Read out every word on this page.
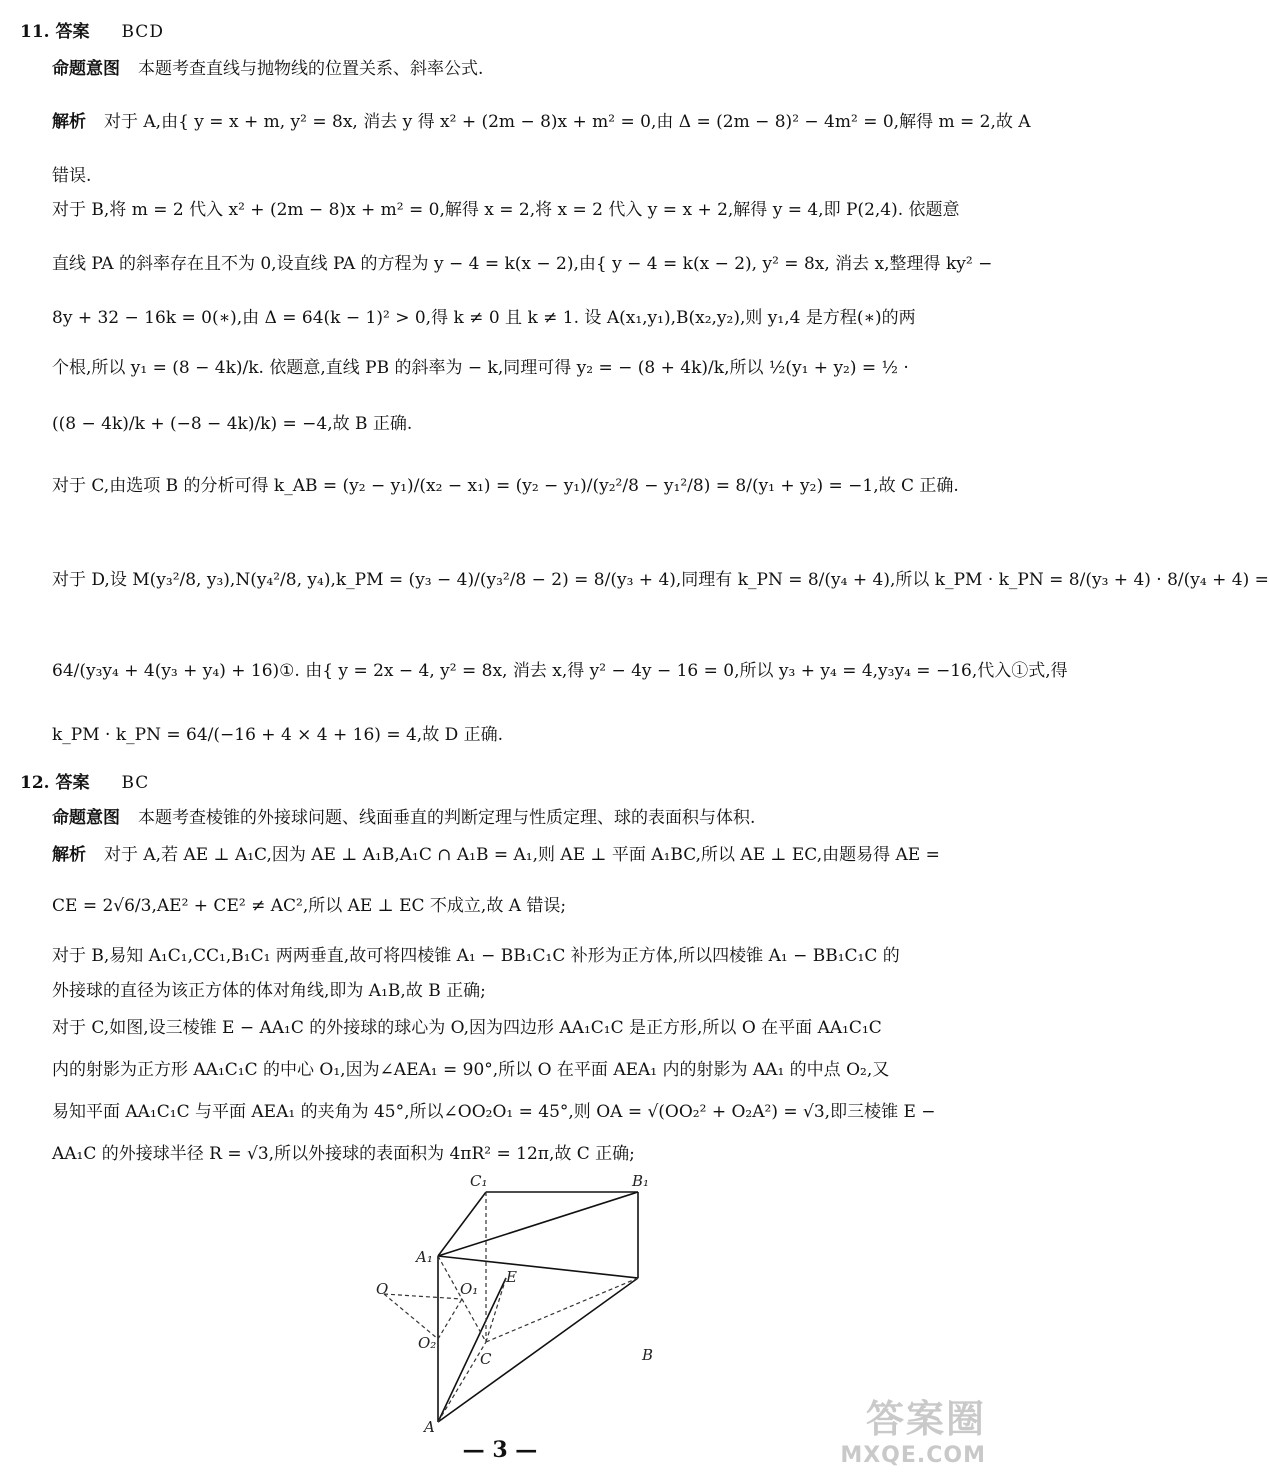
11. 答案 BCD
命题意图 本题考查直线与抛物线的位置关系、斜率公式.
解析 对于 A,由{ y = x + m, y² = 8x, 消去 y 得 x² + (2m − 8)x + m² = 0,由 Δ = (2m − 8)² − 4m² = 0,解得 m = 2,故 A
错误.
对于 B,将 m = 2 代入 x² + (2m − 8)x + m² = 0,解得 x = 2,将 x = 2 代入 y = x + 2,解得 y = 4,即 P(2,4). 依题意
直线 PA 的斜率存在且不为 0,设直线 PA 的方程为 y − 4 = k(x − 2),由{ y − 4 = k(x − 2), y² = 8x, 消去 x,整理得 ky² −
8y + 32 − 16k = 0(∗),由 Δ = 64(k − 1)² > 0,得 k ≠ 0 且 k ≠ 1. 设 A(x₁,y₁),B(x₂,y₂),则 y₁,4 是方程(∗)的两
个根,所以 y₁ = (8 − 4k)/k. 依题意,直线 PB 的斜率为 − k,同理可得 y₂ = − (8 + 4k)/k,所以 ½(y₁ + y₂) = ½ ·
((8 − 4k)/k + (−8 − 4k)/k) = −4,故 B 正确.
对于 C,由选项 B 的分析可得 k_AB = (y₂ − y₁)/(x₂ − x₁) = (y₂ − y₁)/(y₂²/8 − y₁²/8) = 8/(y₁ + y₂) = −1,故 C 正确.
对于 D,设 M(y₃²/8, y₃),N(y₄²/8, y₄),k_PM = (y₃ − 4)/(y₃²/8 − 2) = 8/(y₃ + 4),同理有 k_PN = 8/(y₄ + 4),所以 k_PM · k_PN = 8/(y₃ + 4) · 8/(y₄ + 4) =
64/(y₃y₄ + 4(y₃ + y₄) + 16)①. 由{ y = 2x − 4, y² = 8x, 消去 x,得 y² − 4y − 16 = 0,所以 y₃ + y₄ = 4,y₃y₄ = −16,代入①式,得
k_PM · k_PN = 64/(−16 + 4 × 4 + 16) = 4,故 D 正确.
12. 答案 BC
命题意图 本题考查棱锥的外接球问题、线面垂直的判断定理与性质定理、球的表面积与体积.
解析 对于 A,若 AE ⊥ A₁C,因为 AE ⊥ A₁B,A₁C ∩ A₁B = A₁,则 AE ⊥ 平面 A₁BC,所以 AE ⊥ EC,由题易得 AE =
CE = 2√6/3,AE² + CE² ≠ AC²,所以 AE ⊥ EC 不成立,故 A 错误;
对于 B,易知 A₁C₁,CC₁,B₁C₁ 两两垂直,故可将四棱锥 A₁ − BB₁C₁C 补形为正方体,所以四棱锥 A₁ − BB₁C₁C 的
外接球的直径为该正方体的体对角线,即为 A₁B,故 B 正确;
对于 C,如图,设三棱锥 E − AA₁C 的外接球的球心为 O,因为四边形 AA₁C₁C 是正方形,所以 O 在平面 AA₁C₁C
内的射影为正方形 AA₁C₁C 的中心 O₁,因为∠AEA₁ = 90°,所以 O 在平面 AEA₁ 内的射影为 AA₁ 的中点 O₂,又
易知平面 AA₁C₁C 与平面 AEA₁ 的夹角为 45°,所以∠OO₂O₁ = 45°,则 OA = √(OO₂² + O₂A²) = √3,即三棱锥 E −
AA₁C 的外接球半径 R = √3,所以外接球的表面积为 4πR² = 12π,故 C 正确;
C₁	B₁
A₁
E
O	O₁
O₂
C	B
A
— 3 —
答案圈
MXQE.COM
